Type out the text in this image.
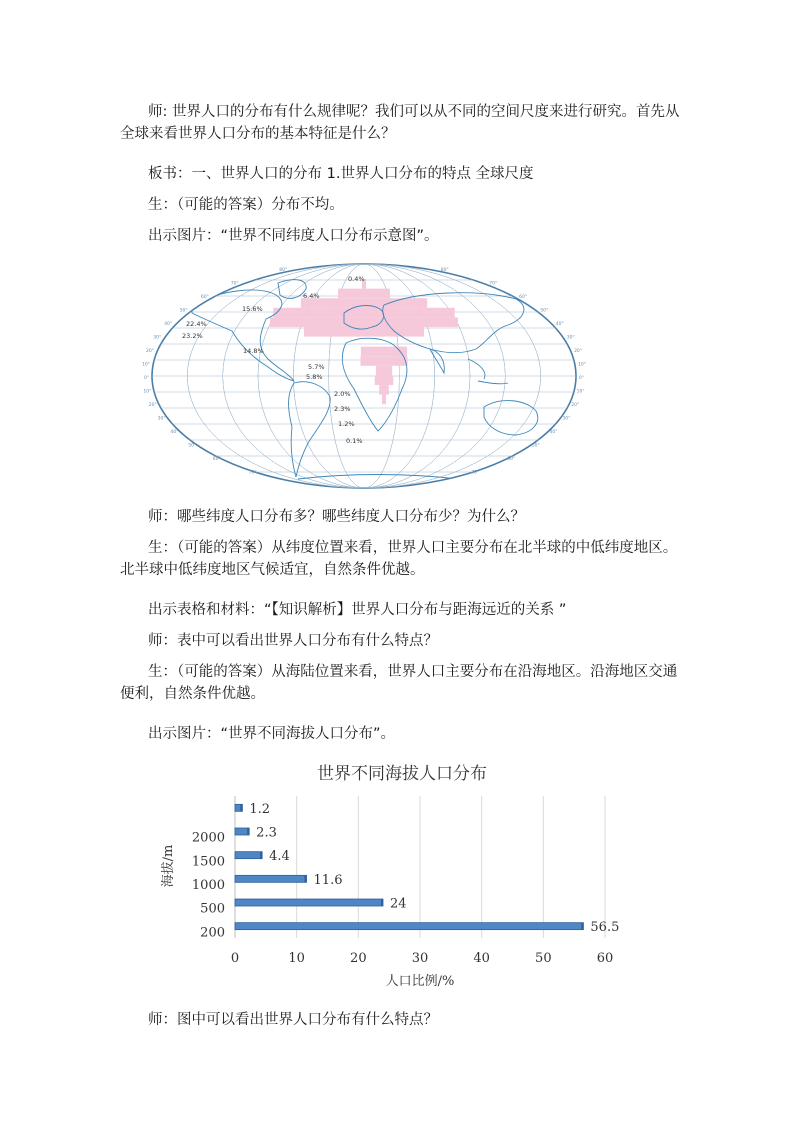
师: 世界人口的分布有什么规律呢？我们可以从不同的空间尺度来进行研究。首先从全球来看世界人口分布的基本特征是什么？

板书：一、世界人口的分布 1.世界人口分布的特点 全球尺度

生：（可能的答案）分布不均。

出示图片：“世界不同纬度人口分布示意图”。

80°	80°
70°	70°
60°	60°
50°	50°
40°	40°
30°	30°
20°	20°
10°	10°
0°	0°
10°	10°
20°	20°
30°	30°
40°	40°
50°	50°
60°	60°
70°	70°
0.4%
6.4%
15.6%
22.4%
23.2%
14.8%
5.7%
5.8%
2.0%
2.3%
1.2%
0.1%

师：哪些纬度人口分布多？哪些纬度人口分布少？为什么？

生：（可能的答案）从纬度位置来看，世界人口主要分布在北半球的中低纬度地区。北半球中低纬度地区气候适宜，自然条件优越。

出示表格和材料：“【知识解析】世界人口分布与距海远近的关系 ”

师：表中可以看出世界人口分布有什么特点？

生：（可能的答案）从海陆位置来看，世界人口主要分布在沿海地区。沿海地区交通便利，自然条件优越。

出示图片：“世界不同海拔人口分布”。

世界不同海拔人口分布
56.5
24
11.6
4.4
2.3
1.2
0	10	20	30	40	50	60
200
500
1000
1500
2000
人口比例/%
海拔/m

师：图中可以看出世界人口分布有什么特点？
